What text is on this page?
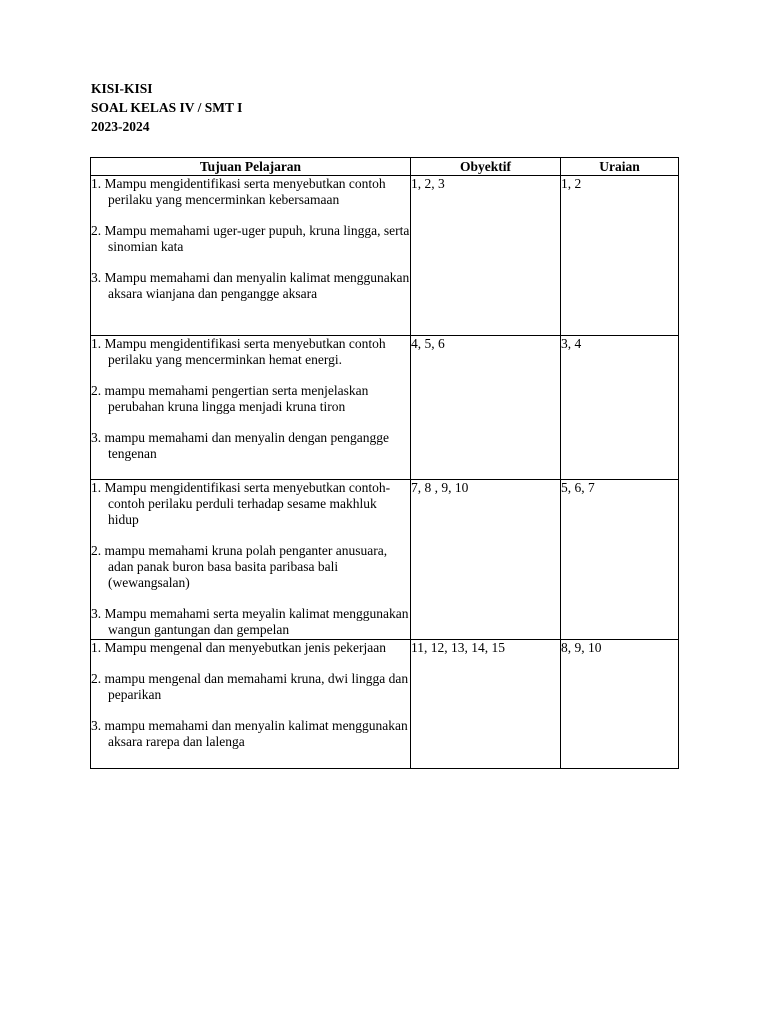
KISI-KISI
SOAL KELAS IV / SMT I
2023-2024
Tujuan Pelajaran	Obyektif	Uraian

1. Mampu mengidentifikasi serta menyebutkan contoh perilaku yang mencerminkan kebersamaan
2. Mampu memahami uger-uger pupuh, kruna lingga, serta sinomian kata
3. Mampu memahami dan menyalin kalimat menggunakan aksara wianjana dan pengangge aksara	1, 2, 3	1, 2

1. Mampu mengidentifikasi serta menyebutkan contoh perilaku yang mencerminkan hemat energi.
2. mampu memahami pengertian serta menjelaskan perubahan kruna lingga menjadi kruna tiron
3. mampu memahami dan menyalin dengan pengangge tengenan	4, 5, 6	3, 4

1. Mampu mengidentifikasi serta menyebutkan contoh-contoh perilaku perduli terhadap sesame makhluk hidup
2. mampu memahami kruna polah penganter anusuara, adan panak buron basa basita paribasa bali (wewangsalan)
3. Mampu memahami serta meyalin kalimat menggunakan wangun gantungan dan gempelan	7, 8 , 9, 10	5, 6, 7

1. Mampu mengenal dan menyebutkan jenis pekerjaan
2. mampu mengenal dan memahami kruna, dwi lingga dan peparikan
3. mampu memahami dan menyalin kalimat menggunakan aksara rarepa dan lalenga	11, 12, 13, 14, 15	8, 9, 10
